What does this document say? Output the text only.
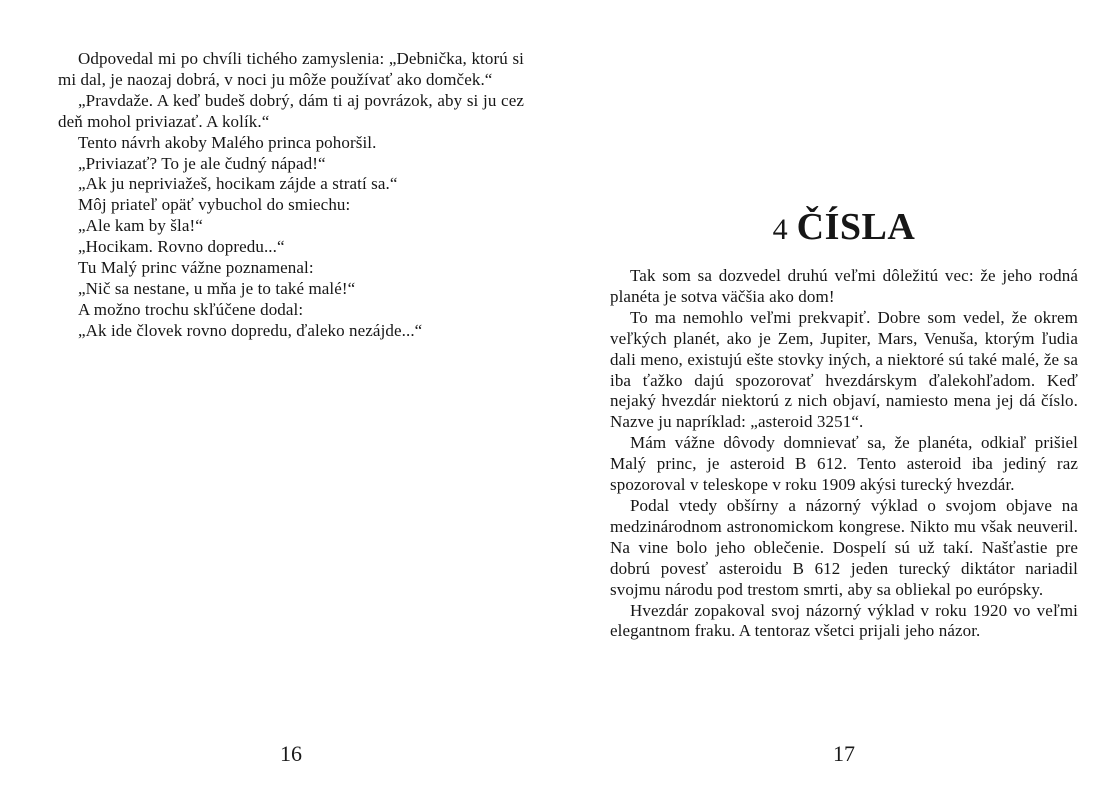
Odpovedal mi po chvíli tichého zamyslenia: „Debnička, ktorú si mi dal, je naozaj dobrá, v noci ju môže používať ako domček.“

„Pravdaže. A keď budeš dobrý, dám ti aj povrázok, aby si ju cez deň mohol priviazať. A kolík.“

Tento návrh akoby Malého princa pohoršil.

„Priviazať? To je ale čudný nápad!“

„Ak ju nepriviažeš, hocikam zájde a stratí sa.“

Môj priateľ opäť vybuchol do smiechu:

„Ale kam by šla!“

„Hocikam. Rovno dopredu...“

Tu Malý princ vážne poznamenal:

„Nič sa nestane, u mňa je to také malé!“

A možno trochu skľúčene dodal:

„Ak ide človek rovno dopredu, ďaleko nezájde...“

16
4 ČÍSLA

Tak som sa dozvedel druhú veľmi dôležitú vec: že jeho rodná planéta je sotva väčšia ako dom!

To ma nemohlo veľmi prekvapiť. Dobre som vedel, že okrem veľkých planét, ako je Zem, Jupiter, Mars, Venuša, ktorým ľudia dali meno, existujú ešte stovky iných, a niektoré sú také malé, že sa iba ťažko dajú spozorovať hvezdárskym ďalekohľadom. Keď nejaký hvezdár niektorú z nich objaví, namiesto mena jej dá číslo. Nazve ju napríklad: „asteroid 3251“.

Mám vážne dôvody domnievať sa, že planéta, odkiaľ prišiel Malý princ, je asteroid B 612. Tento asteroid iba jediný raz spozoroval v teleskope v roku 1909 akýsi turecký hvezdár.

Podal vtedy obšírny a názorný výklad o svojom objave na medzinárodnom astronomickom kongrese. Nikto mu však neuveril. Na vine bolo jeho oblečenie. Dospelí sú už takí. Našťastie pre dobrú povesť asteroidu B 612 jeden turecký diktátor nariadil svojmu národu pod trestom smrti, aby sa obliekal po európsky.

Hvezdár zopakoval svoj názorný výklad v roku 1920 vo veľmi elegantnom fraku. A tentoraz všetci prijali jeho názor.

17
